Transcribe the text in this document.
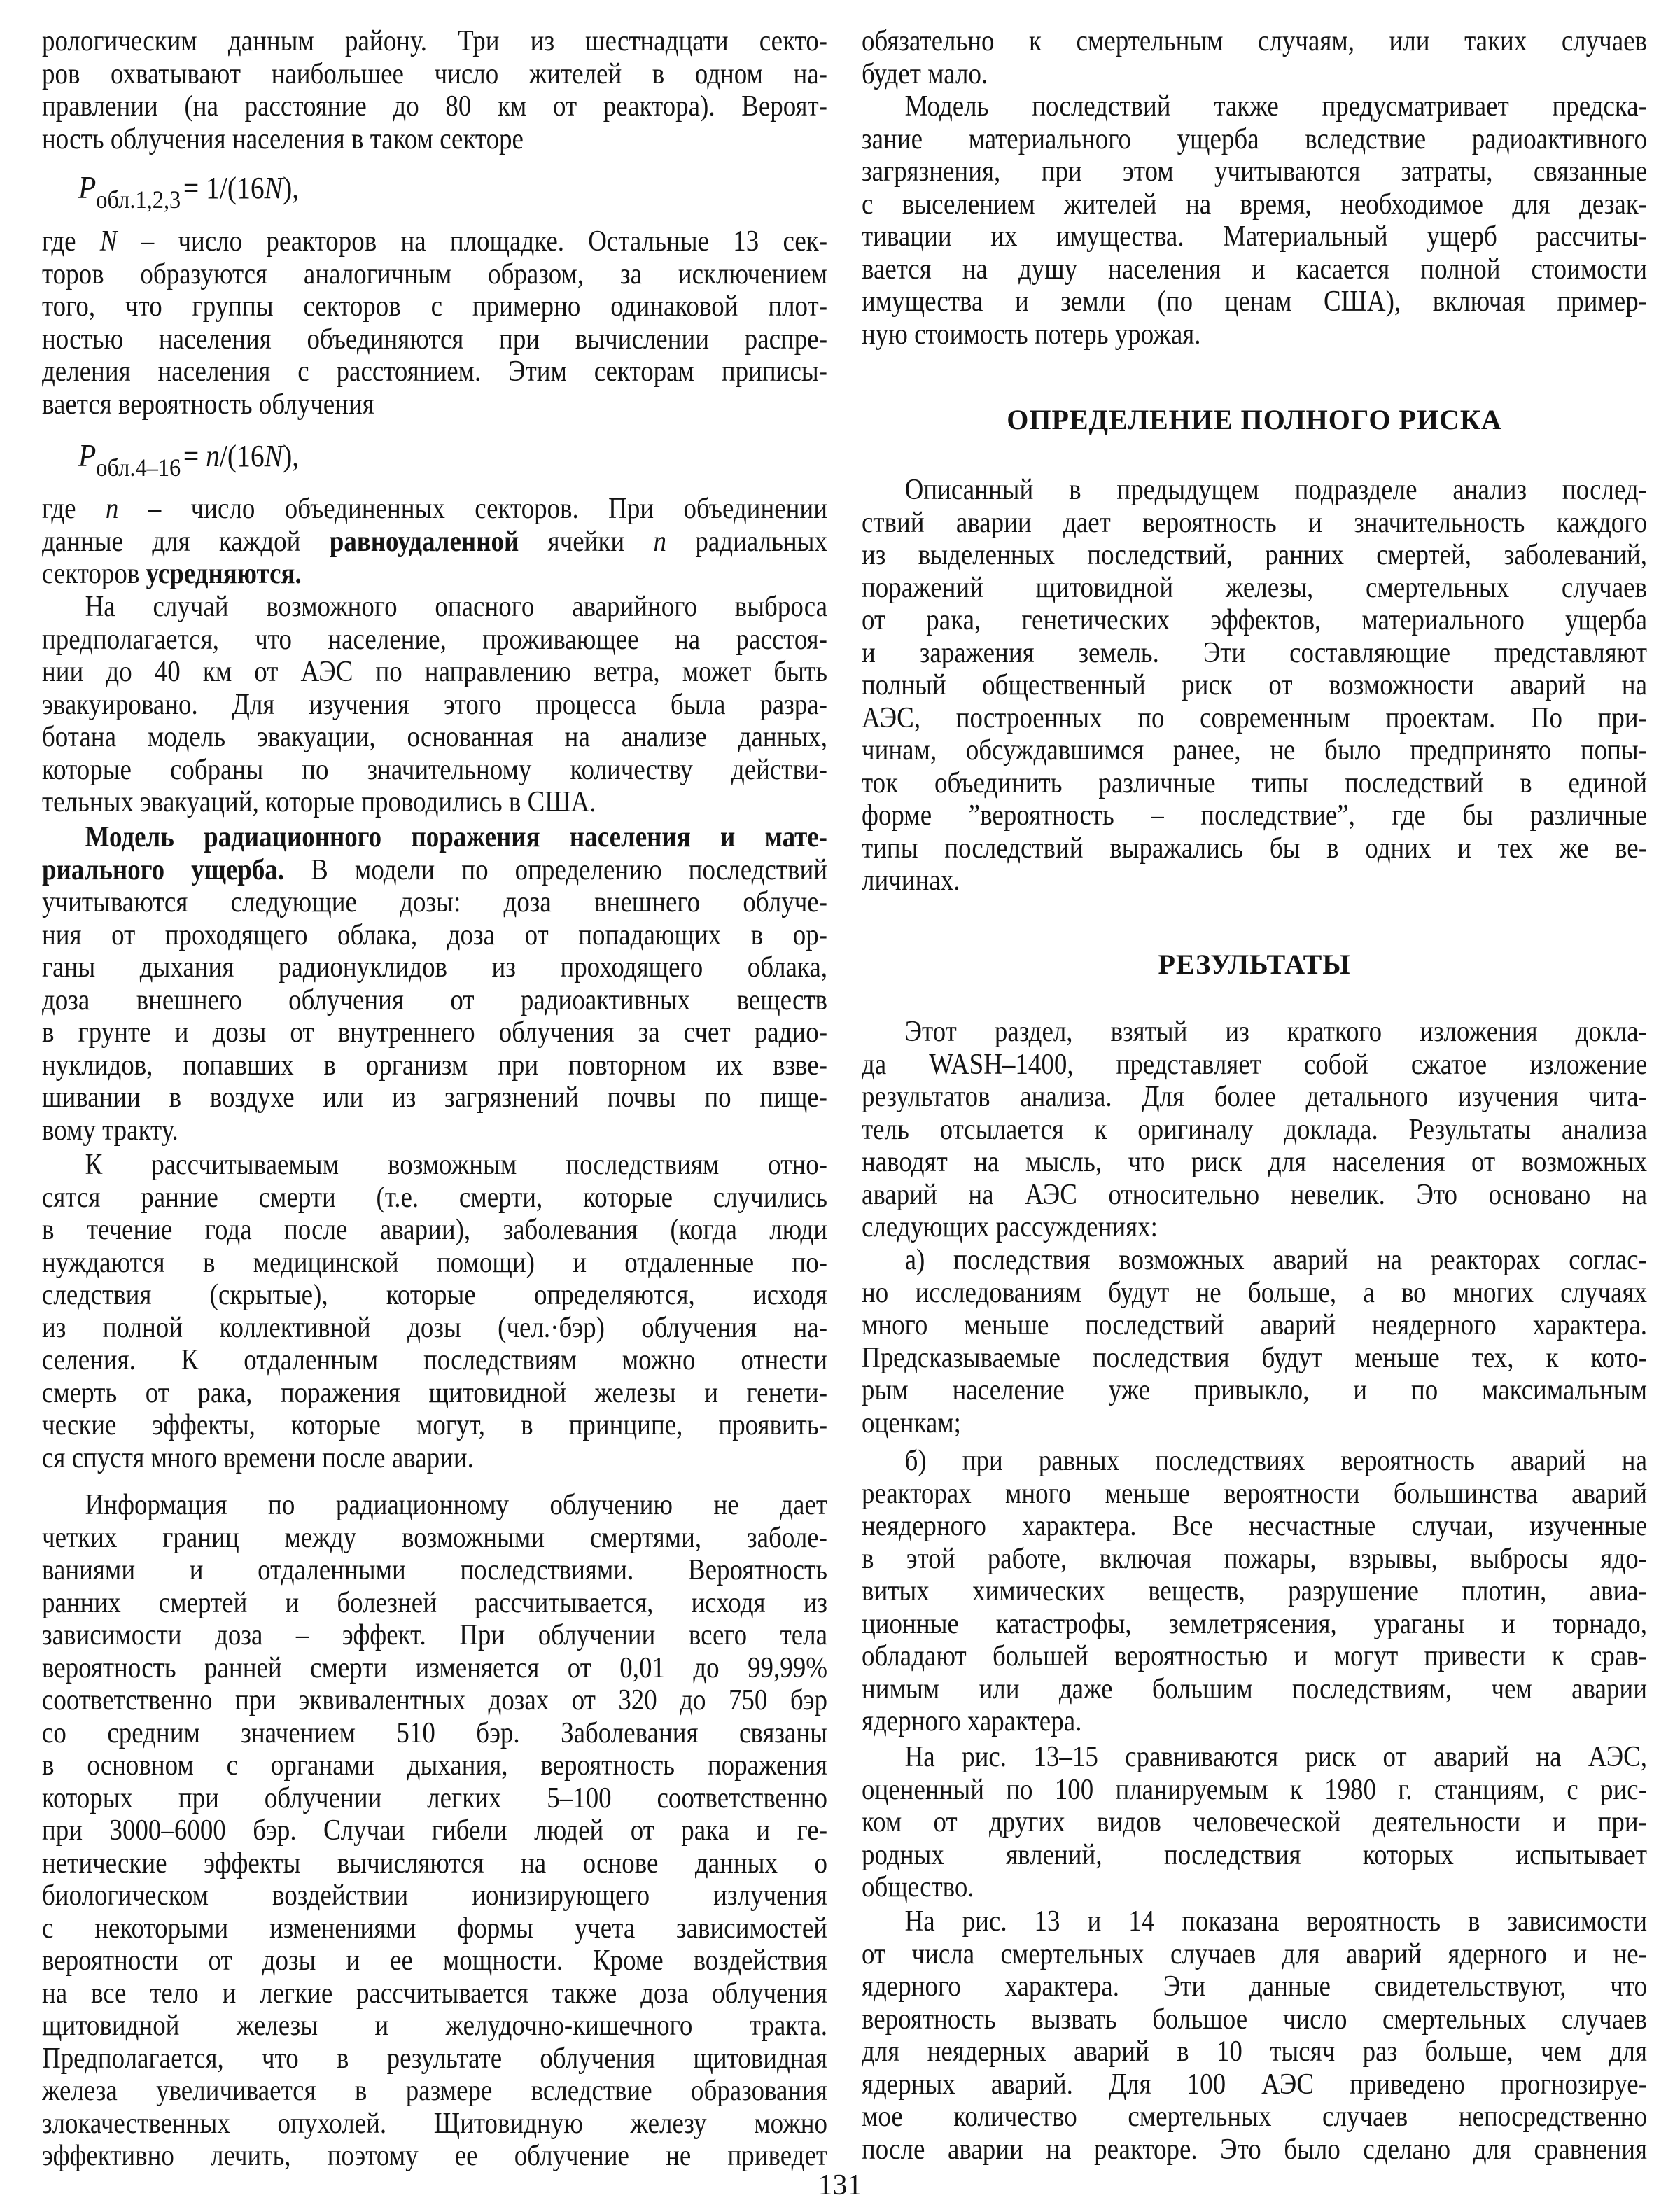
рологическим данным району. Три из шестнадцати секто-
ров охватывают наибольшее число жителей в одном на-
правлении (на расстояние до 80 км от реактора). Вероят-
ность облучения населения в таком секторе
$P_{обл.1,2,3}= 1/(16N)$,
где N – число реакторов на площадке. Остальные 13 сек-
торов образуются аналогичным образом, за исключением
того, что группы секторов с примерно одинаковой плот-
ностью населения объединяются при вычислении распре-
деления населения с расстоянием. Этим секторам приписы-
вается вероятность облучения
$P_{обл.4-16}= n/(16N)$,
где n – число объединенных секторов. При объединении
данные для каждой равноудаленной ячейки n радиальных
секторов усредняются.
На случай возможного опасного аварийного выброса
предполагается, что население, проживающее на расстоя-
нии до 40 км от АЭС по направлению ветра, может быть
эвакуировано. Для изучения этого процесса была разра-
ботана модель эвакуации, основанная на анализе данных,
которые собраны по значительному количеству действи-
тельных эвакуаций, которые проводились в США.
Модель радиационного поражения населения и мате-
риального ущерба. В модели по определению последствий
учитываются следующие дозы: доза внешнего облуче-
ния от проходящего облака, доза от попадающих в ор-
ганы дыхания радионуклидов из проходящего облака,
доза внешнего облучения от радиоактивных веществ
в грунте и дозы от внутреннего облучения за счет радио-
нуклидов, попавших в организм при повторном их взве-
шивании в воздухе или из загрязнений почвы по пище-
вому тракту.
К рассчитываемым возможным последствиям отно-
сятся ранние смерти (т.е. смерти, которые случились
в течение года после аварии), заболевания (когда люди
нуждаются в медицинской помощи) и отдаленные по-
следствия (скрытые), которые определяются, исходя
из полной коллективной дозы (чел.·бэр) облучения на-
селения. К отдаленным последствиям можно отнести
смерть от рака, поражения щитовидной железы и генети-
ческие эффекты, которые могут, в принципе, проявить-
ся спустя много времени после аварии.
Информация по радиационному облучению не дает
четких границ между возможными смертями, заболе-
ваниями и отдаленными последствиями. Вероятность
ранних смертей и болезней рассчитывается, исходя из
зависимости доза – эффект. При облучении всего тела
вероятность ранней смерти изменяется от 0,01 до 99,99%
соответственно при эквивалентных дозах от 320 до 750 бэр
со средним значением 510 бэр. Заболевания связаны
в основном с органами дыхания, вероятность поражения
которых при облучении легких 5–100 соответственно
при 3000–6000 бэр. Случаи гибели людей от рака и ге-
нетические эффекты вычисляются на основе данных о
биологическом воздействии ионизирующего излучения
с некоторыми изменениями формы учета зависимостей
вероятности от дозы и ее мощности. Кроме воздействия
на все тело и легкие рассчитывается также доза облучения
щитовидной железы и желудочно-кишечного тракта.
Предполагается, что в результате облучения щитовидная
железа увеличивается в размере вследствие образования
злокачественных опухолей. Щитовидную железу можно
эффективно лечить, поэтому ее облучение не приведет
обязательно к смертельным случаям, или таких случаев
будет мало.
Модель последствий также предусматривает предска-
зание материального ущерба вследствие радиоактивного
загрязнения, при этом учитываются затраты, связанные
с выселением жителей на время, необходимое для дезак-
тивации их имущества. Материальный ущерб рассчиты-
вается на душу населения и касается полной стоимости
имущества и земли (по ценам США), включая пример-
ную стоимость потерь урожая.
ОПРЕДЕЛЕНИЕ ПОЛНОГО РИСКА
Описанный в предыдущем подразделе анализ послед-
ствий аварии дает вероятность и значительность каждого
из выделенных последствий, ранних смертей, заболеваний,
поражений щитовидной железы, смертельных случаев
от рака, генетических эффектов, материального ущерба
и заражения земель. Эти составляющие представляют
полный общественный риск от возможности аварий на
АЭС, построенных по современным проектам. По при-
чинам, обсуждавшимся ранее, не было предпринято попы-
ток объединить различные типы последствий в единой
форме ”вероятность – последствие”, где бы различные
типы последствий выражались бы в одних и тех же ве-
личинах.
РЕЗУЛЬТАТЫ
Этот раздел, взятый из краткого изложения докла-
да WASH–1400, представляет собой сжатое изложение
результатов анализа. Для более детального изучения чита-
тель отсылается к оригиналу доклада. Результаты анализа
наводят на мысль, что риск для населения от возможных
аварий на АЭС относительно невелик. Это основано на
следующих рассуждениях:
а) последствия возможных аварий на реакторах соглас-
но исследованиям будут не больше, а во многих случаях
много меньше последствий аварий неядерного характера.
Предсказываемые последствия будут меньше тех, к кото-
рым население уже привыкло, и по максимальным
оценкам;
б) при равных последствиях вероятность аварий на
реакторах много меньше вероятности большинства аварий
неядерного характера. Все несчастные случаи, изученные
в этой работе, включая пожары, взрывы, выбросы ядо-
витых химических веществ, разрушение плотин, авиа-
ционные катастрофы, землетрясения, ураганы и торнадо,
обладают большей вероятностью и могут привести к срав-
нимым или даже большим последствиям, чем аварии
ядерного характера.
На рис. 13–15 сравниваются риск от аварий на АЭС,
оцененный по 100 планируемым к 1980 г. станциям, с рис-
ком от других видов человеческой деятельности и при-
родных явлений, последствия которых испытывает
общество.
На рис. 13 и 14 показана вероятность в зависимости
от числа смертельных случаев для аварий ядерного и не-
ядерного характера. Эти данные свидетельствуют, что
вероятность вызвать большое число смертельных случаев
для неядерных аварий в 10 тысяч раз больше, чем для
ядерных аварий. Для 100 АЭС приведено прогнозируе-
мое количество смертельных случаев непосредственно
после аварии на реакторе. Это было сделано для сравнения
131
